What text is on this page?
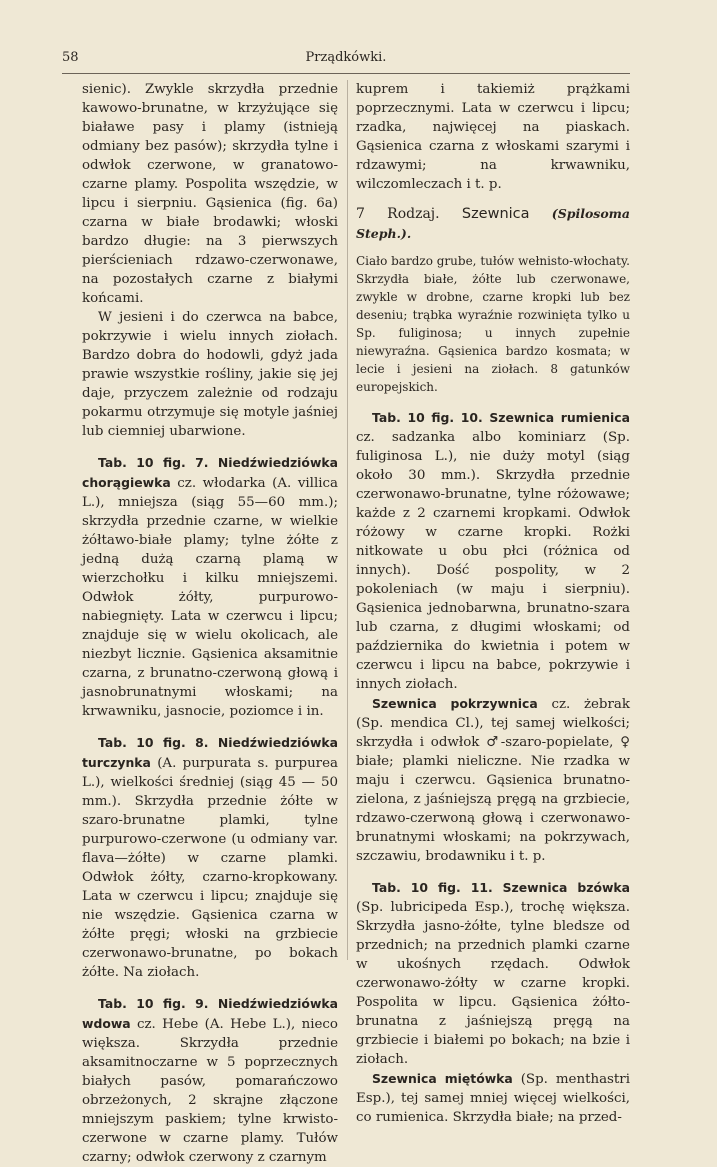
58	Prządkówki.

sienic). Zwykle skrzydła przednie kawowo-brunatne, w krzyżujące się białawe pasy i plamy (istnieją odmiany bez pasów); skrzydła tylne i odwłok czerwone, w granatowo-czarne plamy. Pospolita wszędzie, w lipcu i sierpniu. Gąsienica (fig. 6a) czarna w białe brodawki; włoski bardzo długie: na 3 pierwszych pierścieniach rdzawo-czerwonawe, na pozostałych czarne z białymi końcami.

W jesieni i do czerwca na babce, pokrzywie i wielu innych ziołach. Bardzo dobra do hodowli, gdyż jada prawie wszystkie rośliny, jakie się jej daje, przyczem zależnie od rodzaju pokarmu otrzymuje się motyle jaśniej lub ciemniej ubarwione.

Tab. 10 fig. 7. Niedźwiedziówka chorągiewka cz. włodarka (A. villica L.), mniejsza (siąg 55—60 mm.); skrzydła przednie czarne, w wielkie żółtawo-białe plamy; tylne żółte z jedną dużą czarną plamą w wierzchołku i kilku mniejszemi. Odwłok żółty, purpurowo-nabiegnięty. Lata w czerwcu i lipcu; znajduje się w wielu okolicach, ale niezbyt licznie. Gąsienica aksamitnie czarna, z brunatno-czerwoną głową i jasnobrunatnymi włoskami; na krwawniku, jasnocie, poziomce i in.

Tab. 10 fig. 8. Niedźwiedziówka turczynka (A. purpurata s. purpurea L.), wielkości średniej (siąg 45 — 50 mm.). Skrzydła przednie żółte w szaro-brunatne plamki, tylne purpurowo-czerwone (u odmiany var. flava—żółte) w czarne plamki. Odwłok żółty, czarno-kropkowany. Lata w czerwcu i lipcu; znajduje się nie wszędzie. Gąsienica czarna w żółte pręgi; włoski na grzbiecie czerwonawo-brunatne, po bokach żółte. Na ziołach.

Tab. 10 fig. 9. Niedźwiedziówka wdowa cz. Hebe (A. Hebe L.), nieco większa. Skrzydła przednie aksamitnoczarne w 5 poprzecznych białych pasów, pomarańczowo obrzeżonych, 2 skrajne złączone mniejszym paskiem; tylne krwisto-czerwone w czarne plamy. Tułów czarny; odwłok czerwony z czarnym

kuprem i takiemiż prążkami poprzecznymi. Lata w czerwcu i lipcu; rzadka, najwięcej na piaskach. Gąsienica czarna z włoskami szarymi i rdzawymi; na krwawniku, wilczomleczach i t. p.

7 Rodzaj. Szewnica (Spilosoma Steph.).

Ciało bardzo grube, tułów wełnisto-włochaty. Skrzydła białe, żółte lub czerwonawe, zwykle w drobne, czarne kropki lub bez deseniu; trąbka wyraźnie rozwinięta tylko u Sp. fuliginosa; u innych zupełnie niewyraźna. Gąsienica bardzo kosmata; w lecie i jesieni na ziołach. 8 gatunków europejskich.

Tab. 10 fig. 10. Szewnica rumienica cz. sadzanka albo kominiarz (Sp. fuliginosa L.), nie duży motyl (siąg około 30 mm.). Skrzydła przednie czerwonawo-brunatne, tylne różowawe; każde z 2 czarnemi kropkami. Odwłok różowy w czarne kropki. Rożki nitkowate u obu płci (różnica od innych). Dość pospolity, w 2 pokoleniach (w maju i sierpniu). Gąsienica jednobarwna, brunatno-szara lub czarna, z długimi włoskami; od października do kwietnia i potem w czerwcu i lipcu na babce, pokrzywie i innych ziołach.

Szewnica pokrzywnica cz. żebrak (Sp. mendica Cl.), tej samej wielkości; skrzydła i odwłok ♂-szaro-popielate, ♀ białe; plamki nieliczne. Nie rzadka w maju i czerwcu. Gąsienica brunatno-zielona, z jaśniejszą pręgą na grzbiecie, rdzawo-czerwoną głową i czerwonawo-brunatnymi włoskami; na pokrzywach, szczawiu, brodawniku i t. p.

Tab. 10 fig. 11. Szewnica bzówka (Sp. lubricipeda Esp.), trochę większa. Skrzydła jasno-żółte, tylne bledsze od przednich; na przednich plamki czarne w ukośnych rzędach. Odwłok czerwonawo-żółty w czarne kropki. Pospolita w lipcu. Gąsienica żółto-brunatna z jaśniejszą pręgą na grzbiecie i białemi po bokach; na bzie i ziołach.

Szewnica miętówka (Sp. menthastri Esp.), tej samej mniej więcej wielkości, co rumienica. Skrzydła białe; na przed-
